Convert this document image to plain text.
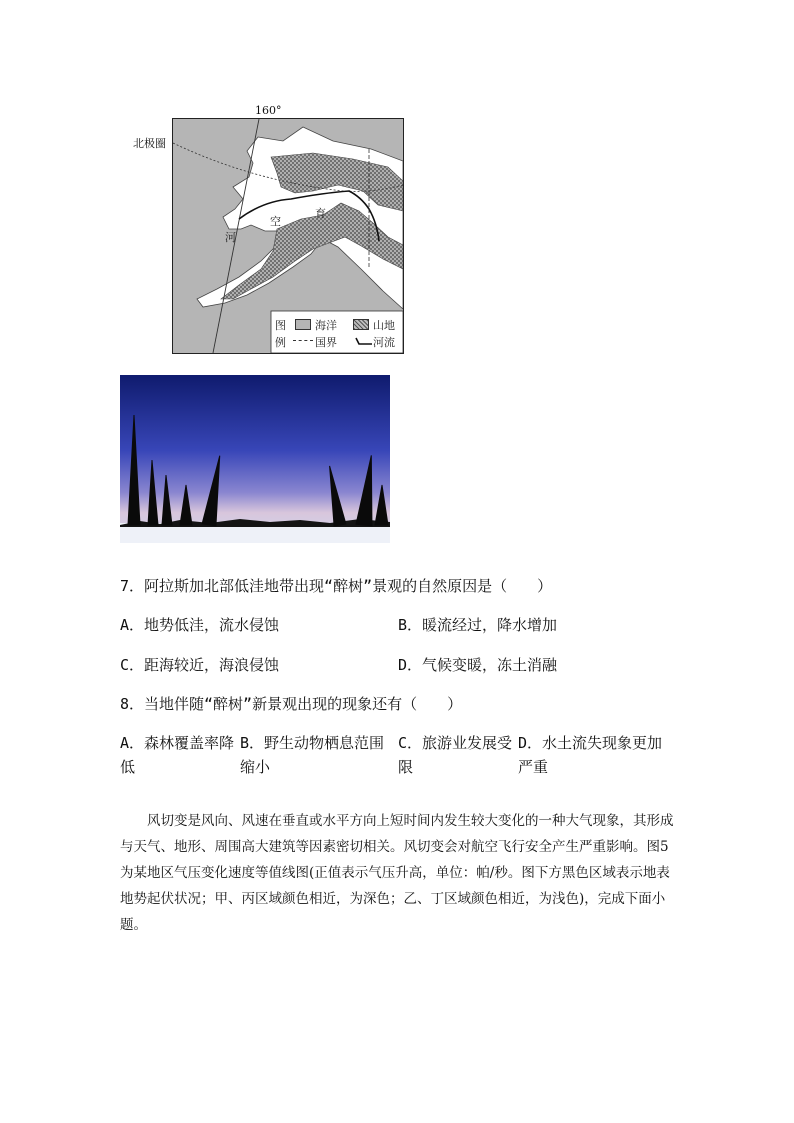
160°
北极圈
空
育
河
图
例
海洋	山地
国界	河流
7．阿拉斯加北部低洼地带出现“醉树”景观的自然原因是（　　）
A．地势低洼，流水侵蚀	B．暖流经过，降水增加
C．距海较近，海浪侵蚀	D．气候变暖，冻土消融
8．当地伴随“醉树”新景观出现的现象还有（　　）
A．森林覆盖率降低
B．野生动物栖息范围缩小
C．旅游业发展受限
D．水土流失现象更加严重

风切变是风向、风速在垂直或水平方向上短时间内发生较大变化的一种大气现象，其形成与天气、地形、周围高大建筑等因素密切相关。风切变会对航空飞行安全产生严重影响。图5为某地区气压变化速度等值线图(正值表示气压升高，单位：帕/秒。图下方黑色区域表示地表地势起伏状况；甲、丙区域颜色相近，为深色；乙、丁区域颜色相近，为浅色)，完成下面小题。
